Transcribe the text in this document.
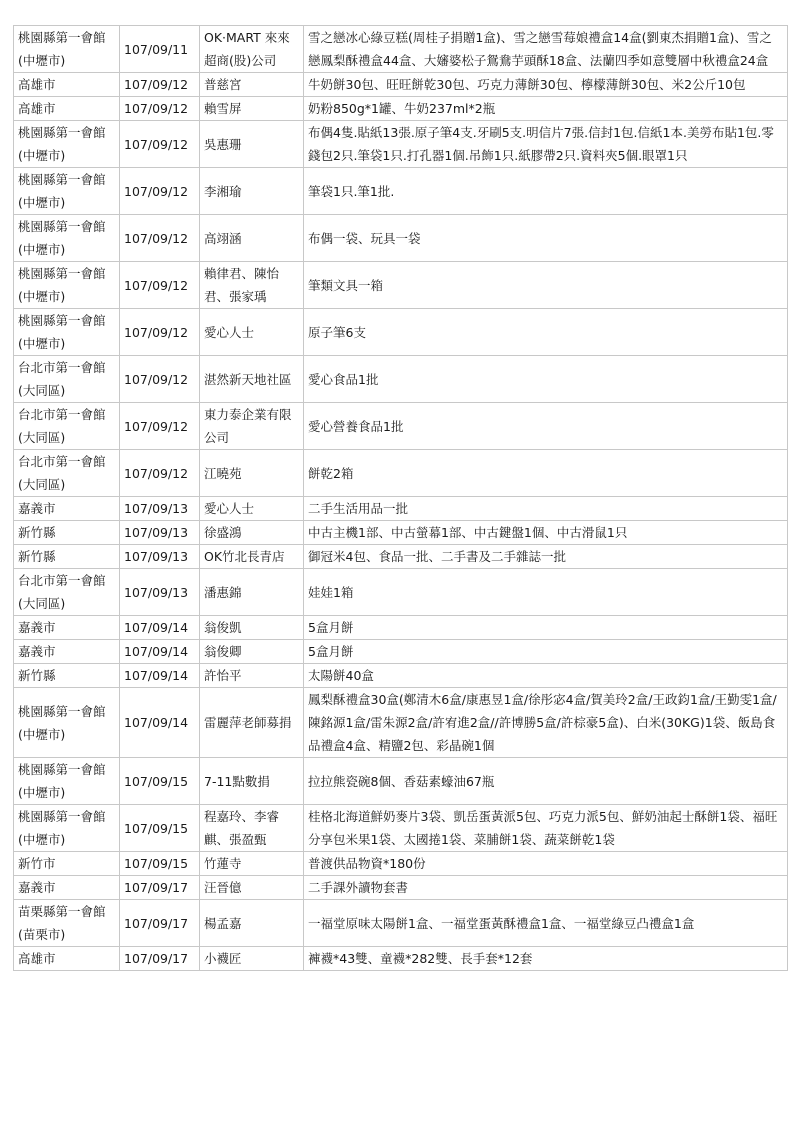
桃園縣第一會館(中壢市)	107/09/11	OK·MART 來來超商(股)公司	雪之戀冰心綠豆糕(周桂子捐贈1盒)、雪之戀雪莓娘禮盒14盒(劉東杰捐贈1盒)、雪之戀鳳梨酥禮盒44盒、大嬸婆松子鴛鴦芋頭酥18盒、法蘭四季如意雙層中秋禮盒24盒
高雄市	107/09/12	普慈宮	牛奶餅30包、旺旺餅乾30包、巧克力薄餅30包、檸檬薄餅30包、米2公斤10包
高雄市	107/09/12	賴雪屏	奶粉850g*1罐、牛奶237ml*2瓶
桃園縣第一會館(中壢市)	107/09/12	吳惠珊	布偶4隻.貼紙13張.原子筆4支.牙刷5支.明信片7張.信封1包.信紙1本.美勞布貼1包.零錢包2只.筆袋1只.打孔器1個.吊飾1只.紙膠帶2只.資料夾5個.眼罩1只
桃園縣第一會館(中壢市)	107/09/12	李湘瑜	筆袋1只.筆1批.
桃園縣第一會館(中壢市)	107/09/12	高翊涵	布偶一袋、玩具一袋
桃園縣第一會館(中壢市)	107/09/12	賴律君、陳怡君、張家瑀	筆類文具一箱
桃園縣第一會館(中壢市)	107/09/12	愛心人士	原子筆6支
台北市第一會館(大同區)	107/09/12	湛然新天地社區	愛心食品1批
台北市第一會館(大同區)	107/09/12	東力泰企業有限公司	愛心營養食品1批
台北市第一會館(大同區)	107/09/12	江曉苑	餅乾2箱
嘉義市	107/09/13	愛心人士	二手生活用品一批
新竹縣	107/09/13	徐盛鴻	中古主機1部、中古螢幕1部、中古鍵盤1個、中古滑鼠1只
新竹縣	107/09/13	OK竹北長青店	御冠米4包、食品一批、二手書及二手雜誌一批
台北市第一會館(大同區)	107/09/13	潘惠錦	娃娃1箱
嘉義市	107/09/14	翁俊凱	5盒月餅
嘉義市	107/09/14	翁俊卿	5盒月餅
新竹縣	107/09/14	許怡平	太陽餅40盒
桃園縣第一會館(中壢市)	107/09/14	雷麗萍老師募捐	鳳梨酥禮盒30盒(鄭清木6盒/康惠昱1盒/徐彤宓4盒/賀美玲2盒/王政鈞1盒/王勤雯1盒/陳銘源1盒/雷朱源2盒/許宥進2盒//許博勝5盒/許棕豪5盒)、白米(30KG)1袋、飯島食品禮盒4盒、精鹽2包、彩晶碗1個
桃園縣第一會館(中壢市)	107/09/15	7-11點數捐	拉拉熊瓷碗8個、香菇素蠔油67瓶
桃園縣第一會館(中壢市)	107/09/15	程嘉玲、李睿麒、張盈甄	桂格北海道鮮奶麥片3袋、凱岳蛋黃派5包、巧克力派5包、鮮奶油起士酥餅1袋、福旺分享包米果1袋、太國捲1袋、菜脯餅1袋、蔬菜餅乾1袋
新竹市	107/09/15	竹蓮寺	普渡供品物資*180份
嘉義市	107/09/17	汪晉億	二手課外讀物套書
苗栗縣第一會館(苗栗市)	107/09/17	楊孟嘉	一福堂原味太陽餅1盒、一福堂蛋黃酥禮盒1盒、一福堂綠豆凸禮盒1盒
高雄市	107/09/17	小襪匠	褲襪*43雙、童襪*282雙、長手套*12套
